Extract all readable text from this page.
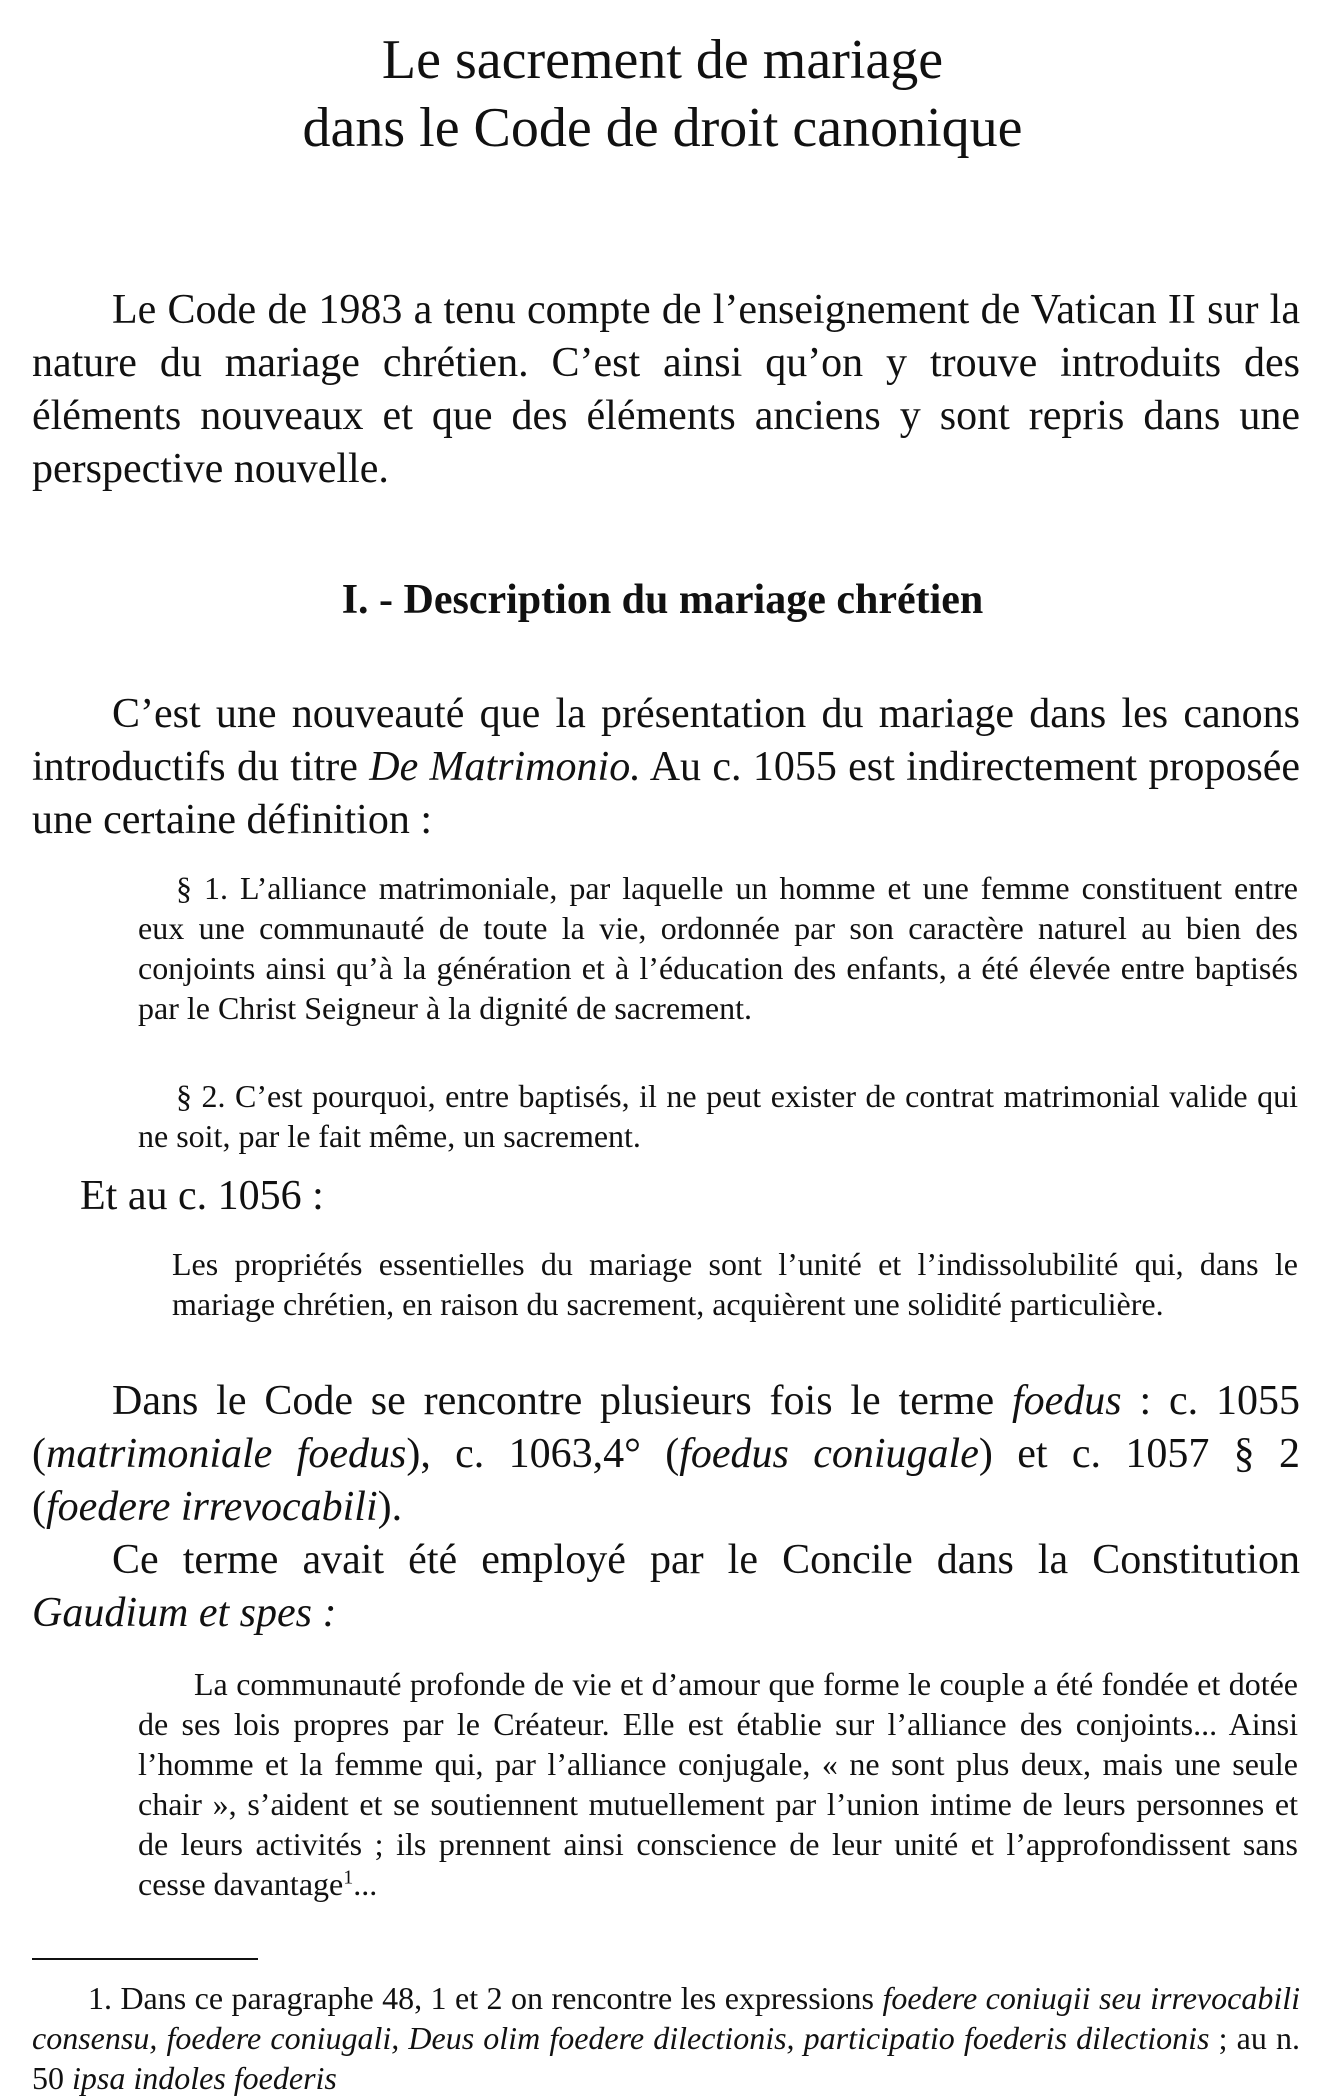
Le sacrement de mariage
dans le Code de droit canonique

Le Code de 1983 a tenu compte de l’enseignement de Vatican II sur la nature du mariage chrétien. C’est ainsi qu’on y trouve introduits des éléments nouveaux et que des éléments anciens y sont repris dans une perspective nouvelle.

I. - Description du mariage chrétien

C’est une nouveauté que la présentation du mariage dans les canons introductifs du titre De Matrimonio. Au c. 1055 est indirectement proposée une certaine définition :

§ 1. L’alliance matrimoniale, par laquelle un homme et une femme constituent entre eux une communauté de toute la vie, ordonnée par son caractère naturel au bien des conjoints ainsi qu’à la génération et à l’éducation des enfants, a été élevée entre baptisés par le Christ Seigneur à la dignité de sacrement.

§ 2. C’est pourquoi, entre baptisés, il ne peut exister de contrat matrimonial valide qui ne soit, par le fait même, un sacrement.

Et au c. 1056 :

Les propriétés essentielles du mariage sont l’unité et l’indissolubilité qui, dans le mariage chrétien, en raison du sacrement, acquièrent une solidité particulière.

Dans le Code se rencontre plusieurs fois le terme foedus : c. 1055 (matrimoniale foedus), c. 1063,4° (foedus coniugale) et c. 1057 § 2 (foedere irrevocabili).

Ce terme avait été employé par le Concile dans la Constitution Gaudium et spes :

La communauté profonde de vie et d’amour que forme le couple a été fondée et dotée de ses lois propres par le Créateur. Elle est établie sur l’alliance des conjoints... Ainsi l’homme et la femme qui, par l’alliance conjugale, « ne sont plus deux, mais une seule chair », s’aident et se soutiennent mutuellement par l’union intime de leurs personnes et de leurs activités ; ils prennent ainsi conscience de leur unité et l’approfondissent sans cesse davantage$^1$...

1. Dans ce paragraphe 48, 1 et 2 on rencontre les expressions foedere coniugii seu irrevocabili consensu, foedere coniugali, Deus olim foedere dilectionis, participatio foederis dilectionis ; au n. 50 ipsa indoles foederis
